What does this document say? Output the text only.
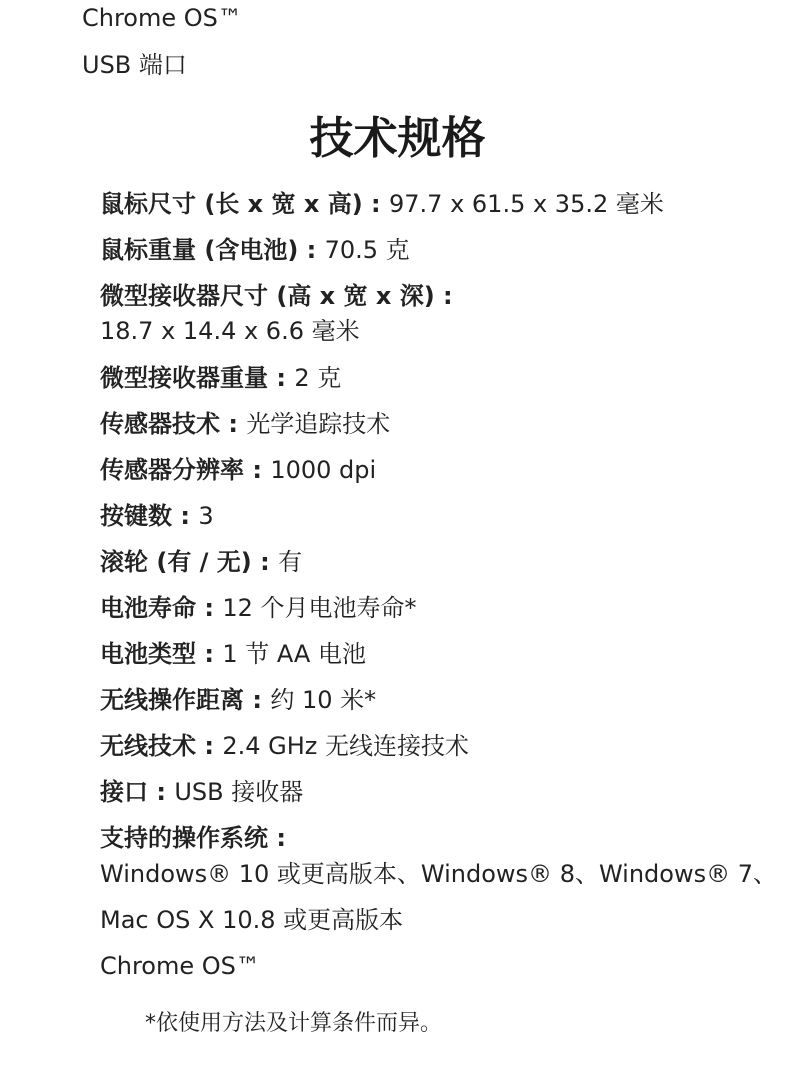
Chrome OS™
USB 端口
技术规格
鼠标尺寸 (长 x 宽 x 高) : 97.7 x 61.5 x 35.2 毫米
鼠标重量 (含电池) : 70.5 克
微型接收器尺寸 (高 x 宽 x 深) :
18.7 x 14.4 x 6.6 毫米
微型接收器重量 : 2 克
传感器技术 : 光学追踪技术
传感器分辨率 : 1000 dpi
按键数 : 3
滚轮 (有 / 无) : 有
电池寿命 : 12 个月电池寿命*
电池类型 : 1 节 AA 电池
无线操作距离 : 约 10 米*
无线技术 : 2.4 GHz 无线连接技术
接口 : USB 接收器
支持的操作系统 :
Windows® 10 或更高版本、Windows® 8、Windows® 7、
Mac OS X 10.8 或更高版本
Chrome OS™
*依使用方法及计算条件而异。
